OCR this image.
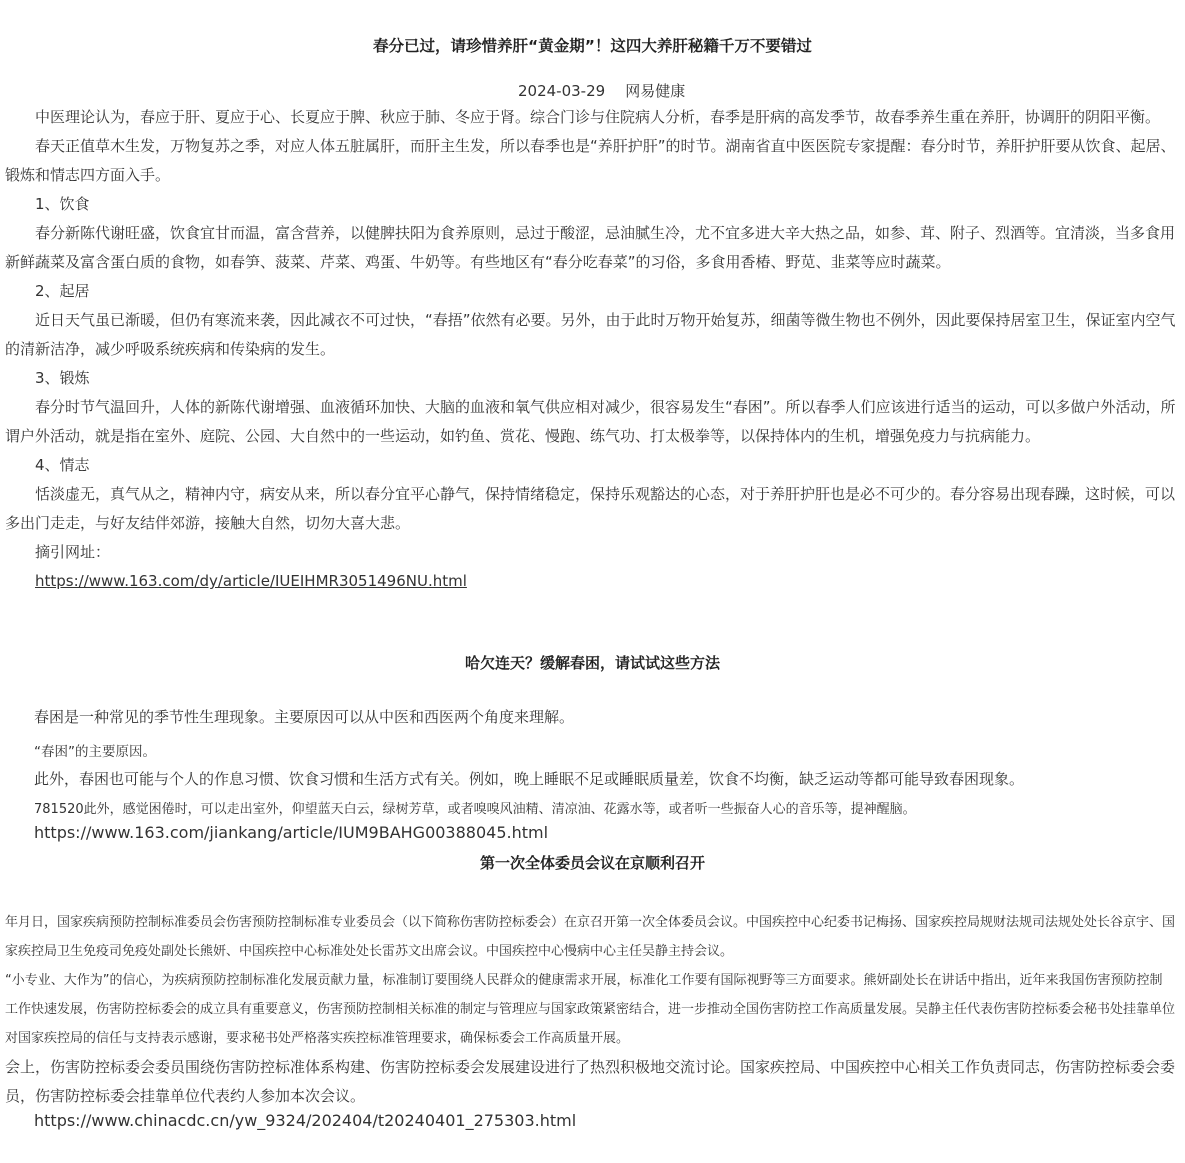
春分已过，请珍惜养肝“黄金期”！这四大养肝秘籍千万不要错过
2024-03-29 网易健康

中医理论认为，春应于肝、夏应于心、长夏应于脾、秋应于肺、冬应于肾。综合门诊与住院病人分析，春季是肝病的高发季节，故春季养生重在养肝，协调肝的阴阳平衡。

春天正值草木生发，万物复苏之季，对应人体五脏属肝，而肝主生发，所以春季也是“养肝护肝”的时节。湖南省直中医医院专家提醒：春分时节，养肝护肝要从饮食、起居、锻炼和情志四方面入手。

1、饮食

春分新陈代谢旺盛，饮食宜甘而温，富含营养，以健脾扶阳为食养原则，忌过于酸涩，忌油腻生冷，尤不宜多进大辛大热之品，如参、茸、附子、烈酒等。宜清淡，当多食用新鲜蔬菜及富含蛋白质的食物，如春笋、菠菜、芹菜、鸡蛋、牛奶等。有些地区有“春分吃春菜”的习俗，多食用香椿、野苋、韭菜等应时蔬菜。

2、起居

近日天气虽已渐暖，但仍有寒流来袭，因此减衣不可过快，“春捂”依然有必要。另外，由于此时万物开始复苏，细菌等微生物也不例外，因此要保持居室卫生，保证室内空气的清新洁净，减少呼吸系统疾病和传染病的发生。

3、锻炼

春分时节气温回升，人体的新陈代谢增强、血液循环加快、大脑的血液和氧气供应相对减少，很容易发生“春困”。所以春季人们应该进行适当的运动，可以多做户外活动，所谓户外活动，就是指在室外、庭院、公园、大自然中的一些运动，如钓鱼、赏花、慢跑、练气功、打太极拳等，以保持体内的生机，增强免疫力与抗病能力。

4、情志

恬淡虚无，真气从之，精神内守，病安从来，所以春分宜平心静气，保持情绪稳定，保持乐观豁达的心态，对于养肝护肝也是必不可少的。春分容易出现春躁，这时候，可以多出门走走，与好友结伴郊游，接触大自然，切勿大喜大悲。

摘引网址：

https://www.163.com/dy/article/IUEIHMR3051496NU.html

哈欠连天？缓解春困，请试试这些方法
春困是一种常见的季节性生理现象。主要原因可以从中医和西医两个角度来理解。
“春困”的主要原因。
此外，春困也可能与个人的作息习惯、饮食习惯和生活方式有关。例如，晚上睡眠不足或睡眠质量差，饮食不均衡，缺乏运动等都可能导致春困现象。
781520此外，感觉困倦时，可以走出室外，仰望蓝天白云，绿树芳草，或者嗅嗅风油精、清凉油、花露水等，或者听一些振奋人心的音乐等，提神醒脑。
https://www.163.com/jiankang/article/IUM9BAHG00388045.html
第一次全体委员会议在京顺利召开

年月日，国家疾病预防控制标准委员会伤害预防控制标准专业委员会（以下简称伤害防控标委会）在京召开第一次全体委员会议。中国疾控中心纪委书记梅扬、国家疾控局规财法规司法规处处长谷京宇、国家疾控局卫生免疫司免疫处副处长熊妍、中国疾控中心标准处处长雷苏文出席会议。中国疾控中心慢病中心主任吴静主持会议。

“小专业、大作为”的信心，为疾病预防控制标准化发展贡献力量，标准制订要围绕人民群众的健康需求开展，标准化工作要有国际视野等三方面要求。熊妍副处长在讲话中指出，近年来我国伤害预防控制工作快速发展，伤害防控标委会的成立具有重要意义，伤害预防控制相关标准的制定与管理应与国家政策紧密结合，进一步推动全国伤害防控工作高质量发展。吴静主任代表伤害防控标委会秘书处挂靠单位对国家疾控局的信任与支持表示感谢，要求秘书处严格落实疾控标准管理要求，确保标委会工作高质量开展。

会上，伤害防控标委会委员围绕伤害防控标准体系构建、伤害防控标委会发展建设进行了热烈积极地交流讨论。国家疾控局、中国疾控中心相关工作负责同志，伤害防控标委会委员，伤害防控标委会挂靠单位代表约人参加本次会议。

https://www.chinacdc.cn/yw_9324/202404/t20240401_275303.html
